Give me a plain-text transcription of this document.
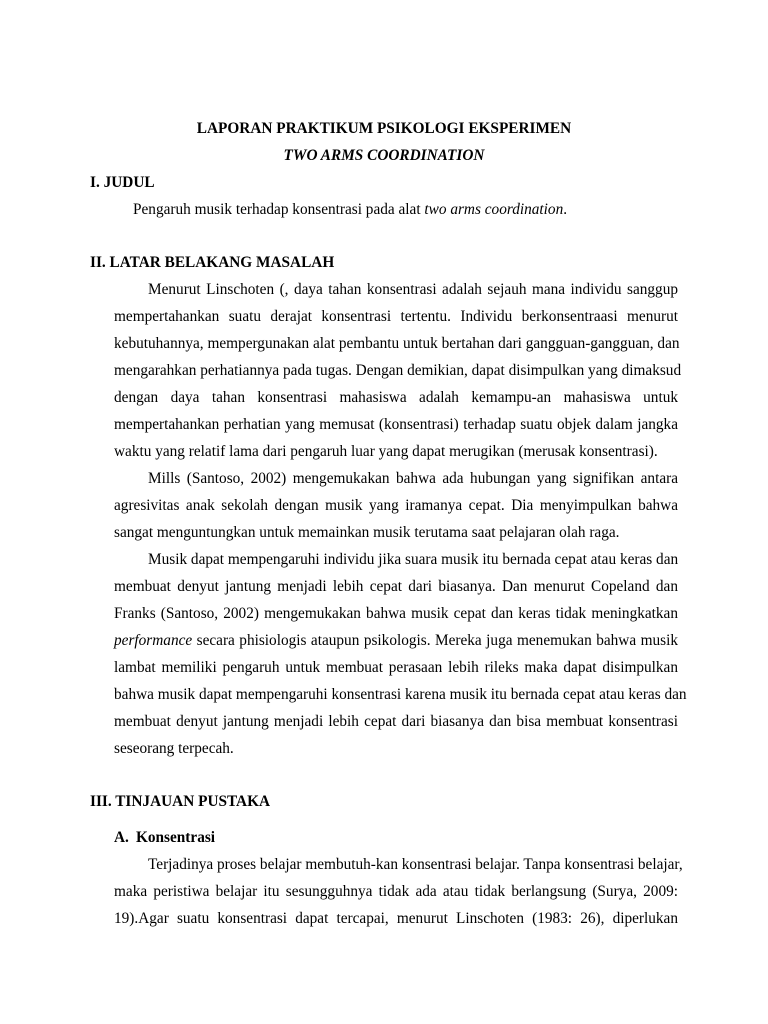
LAPORAN PRAKTIKUM PSIKOLOGI EKSPERIMEN
TWO ARMS COORDINATION
I. JUDUL
Pengaruh musik terhadap konsentrasi pada alat two arms coordination.
II. LATAR BELAKANG MASALAH
Menurut Linschoten (, daya tahan konsentrasi adalah sejauh mana individu sanggup
mempertahankan suatu derajat konsentrasi tertentu. Individu berkonsentraasi menurut
kebutuhannya, mempergunakan alat pembantu untuk bertahan dari gangguan-gangguan, dan
mengarahkan perhatiannya pada tugas. Dengan demikian, dapat disimpulkan yang dimaksud
dengan daya tahan konsentrasi mahasiswa adalah kemampu-an mahasiswa untuk
mempertahankan perhatian yang memusat (konsentrasi) terhadap suatu objek dalam jangka
waktu yang relatif lama dari pengaruh luar yang dapat merugikan (merusak konsentrasi).
Mills (Santoso, 2002) mengemukakan bahwa ada hubungan yang signifikan antara
agresivitas anak sekolah dengan musik yang iramanya cepat. Dia menyimpulkan bahwa
sangat menguntungkan untuk memainkan musik terutama saat pelajaran olah raga.
Musik dapat mempengaruhi individu jika suara musik itu bernada cepat atau keras dan
membuat denyut jantung menjadi lebih cepat dari biasanya. Dan menurut Copeland dan
Franks (Santoso, 2002) mengemukakan bahwa musik cepat dan keras tidak meningkatkan
performance secara phisiologis ataupun psikologis. Mereka juga menemukan bahwa musik
lambat memiliki pengaruh untuk membuat perasaan lebih rileks maka dapat disimpulkan
bahwa musik dapat mempengaruhi konsentrasi karena musik itu bernada cepat atau keras dan
membuat denyut jantung menjadi lebih cepat dari biasanya dan bisa membuat konsentrasi
seseorang terpecah.
III. TINJAUAN PUSTAKA
A. Konsentrasi
Terjadinya proses belajar membutuh-kan konsentrasi belajar. Tanpa konsentrasi belajar,
maka peristiwa belajar itu sesungguhnya tidak ada atau tidak berlangsung (Surya, 2009:
19).Agar suatu konsentrasi dapat tercapai, menurut Linschoten (1983: 26), diperlukan
